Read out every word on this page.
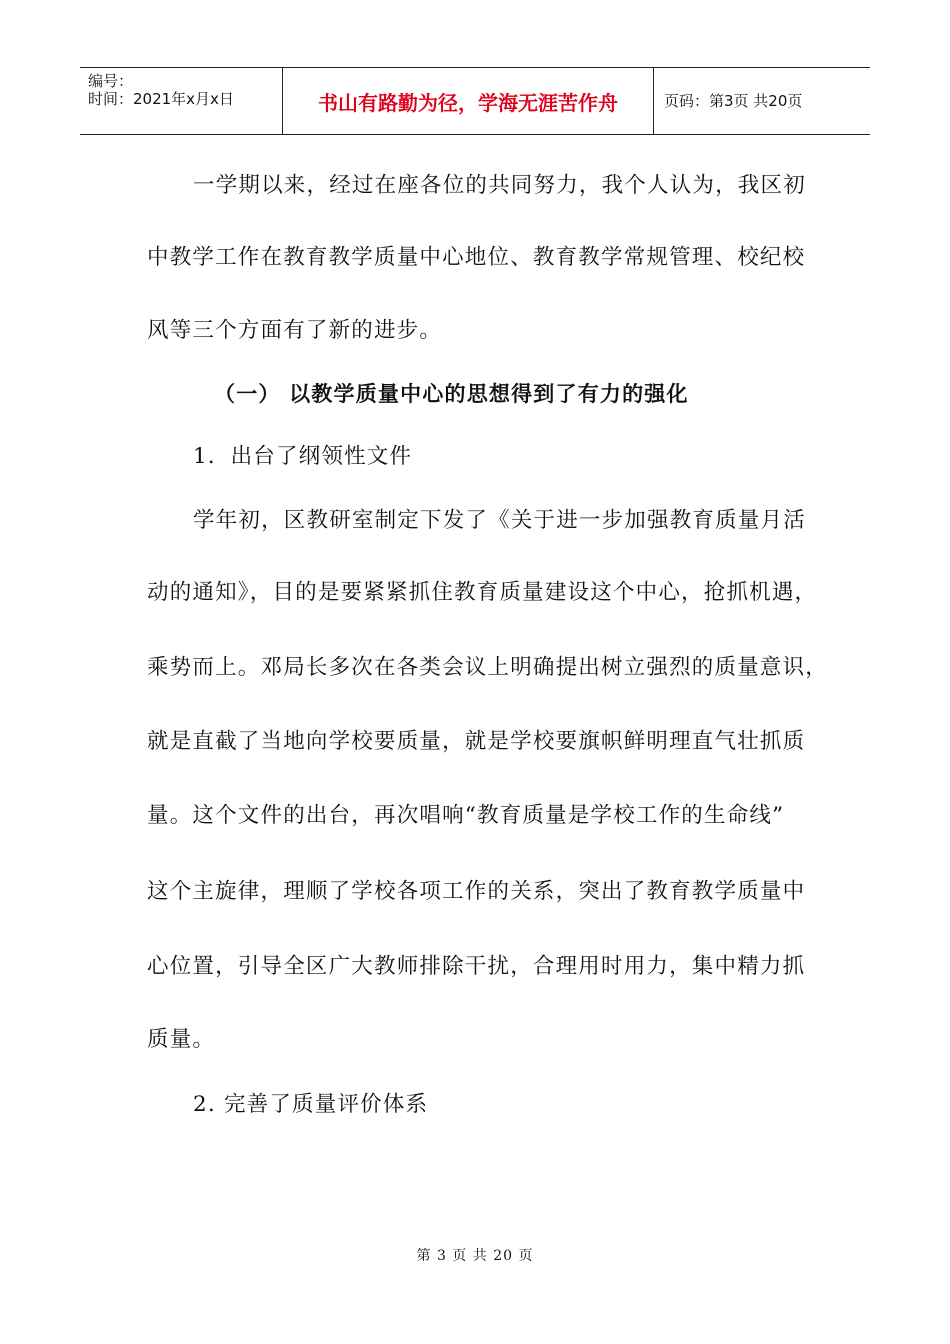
编号：
时间：2021年x月x日	书山有路勤为径，学海无涯苦作舟	页码：第3页 共20页
一学期以来，经过在座各位的共同努力，我个人认为，我区初
中教学工作在教育教学质量中心地位、教育教学常规管理、校纪校
风等三个方面有了新的进步。
（一） 以教学质量中心的思想得到了有力的强化
1．出台了纲领性文件
学年初，区教研室制定下发了《关于进一步加强教育质量月活
动的通知》，目的是要紧紧抓住教育质量建设这个中心，抢抓机遇，
乘势而上。邓局长多次在各类会议上明确提出树立强烈的质量意识，
就是直截了当地向学校要质量，就是学校要旗帜鲜明理直气壮抓质
量。这个文件的出台，再次唱响“教育质量是学校工作的生命线”
这个主旋律，理顺了学校各项工作的关系，突出了教育教学质量中
心位置，引导全区广大教师排除干扰，合理用时用力，集中精力抓
质量。
2. 完善了质量评价体系
第 3 页 共 20 页
